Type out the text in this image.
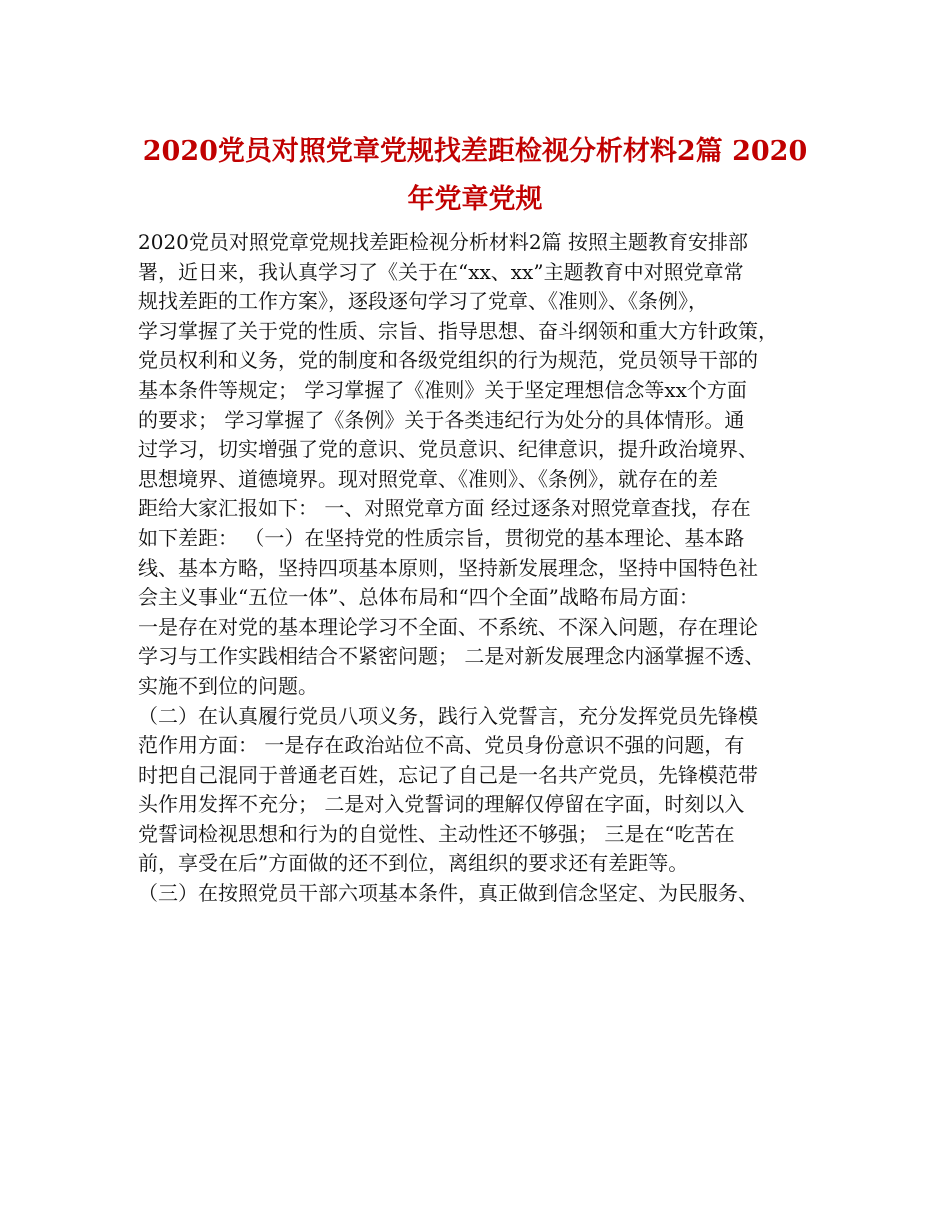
2020党员对照党章党规找差距检视分析材料2篇 2020
年党章党规
2020党员对照党章党规找差距检视分析材料2篇 按照主题教育安排部
署，近日来，我认真学习了《关于在“xx、xx”主题教育中对照党章常
规找差距的工作方案》，逐段逐句学习了党章、《准则》、《条例》，
学习掌握了关于党的性质、宗旨、指导思想、奋斗纲领和重大方针政策，
党员权利和义务，党的制度和各级党组织的行为规范，党员领导干部的
基本条件等规定； 学习掌握了《准则》关于坚定理想信念等xx个方面
的要求； 学习掌握了《条例》关于各类违纪行为处分的具体情形。通
过学习，切实增强了党的意识、党员意识、纪律意识，提升政治境界、
思想境界、道德境界。现对照党章、《准则》、《条例》，就存在的差
距给大家汇报如下： 一、对照党章方面 经过逐条对照党章查找，存在
如下差距： （一）在坚持党的性质宗旨，贯彻党的基本理论、基本路
线、基本方略，坚持四项基本原则，坚持新发展理念，坚持中国特色社
会主义事业“五位一体”、总体布局和“四个全面”战略布局方面：
一是存在对党的基本理论学习不全面、不系统、不深入问题，存在理论
学习与工作实践相结合不紧密问题； 二是对新发展理念内涵掌握不透、
实施不到位的问题。
（二）在认真履行党员八项义务，践行入党誓言，充分发挥党员先锋模
范作用方面： 一是存在政治站位不高、党员身份意识不强的问题，有
时把自己混同于普通老百姓，忘记了自己是一名共产党员，先锋模范带
头作用发挥不充分； 二是对入党誓词的理解仅停留在字面，时刻以入
党誓词检视思想和行为的自觉性、主动性还不够强； 三是在“吃苦在
前，享受在后”方面做的还不到位，离组织的要求还有差距等。
（三）在按照党员干部六项基本条件，真正做到信念坚定、为民服务、
